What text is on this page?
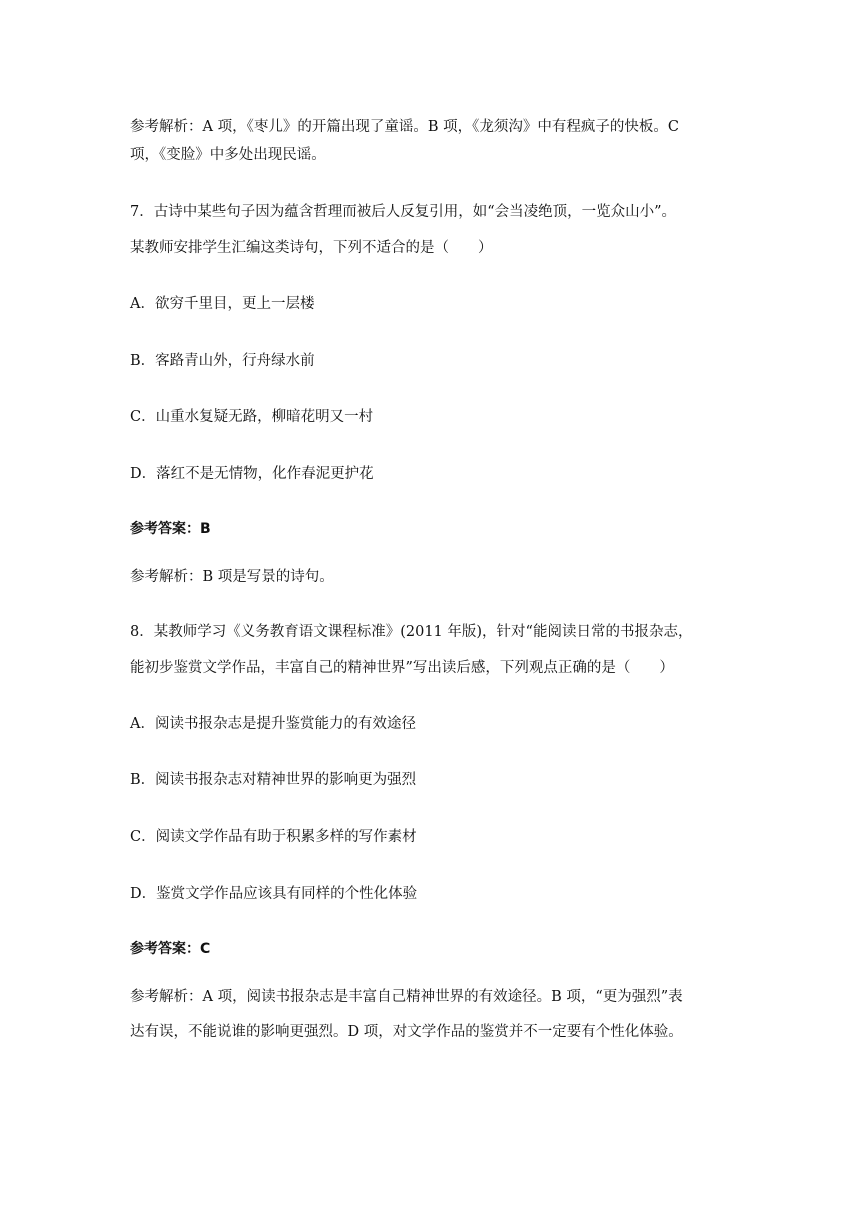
参考解析：A 项，《枣儿》的开篇出现了童谣。B 项，《龙须沟》中有程疯子的快板。C
项，《变脸》中多处出现民谣。
7．古诗中某些句子因为蕴含哲理而被后人反复引用，如“会当凌绝顶，一览众山小”。
某教师安排学生汇编这类诗句，下列不适合的是（　　）
A．欲穷千里目，更上一层楼
B．客路青山外，行舟绿水前
C．山重水复疑无路，柳暗花明又一村
D．落红不是无情物，化作春泥更护花
参考答案：B
参考解析：B 项是写景的诗句。
8．某教师学习《义务教育语文课程标准》(2011 年版)，针对“能阅读日常的书报杂志，
能初步鉴赏文学作品，丰富自己的精神世界”写出读后感，下列观点正确的是（　　）
A．阅读书报杂志是提升鉴赏能力的有效途径
B．阅读书报杂志对精神世界的影响更为强烈
C．阅读文学作品有助于积累多样的写作素材
D．鉴赏文学作品应该具有同样的个性化体验
参考答案：C
参考解析：A 项，阅读书报杂志是丰富自己精神世界的有效途径。B 项，“更为强烈”表
达有误，不能说谁的影响更强烈。D 项，对文学作品的鉴赏并不一定要有个性化体验。
